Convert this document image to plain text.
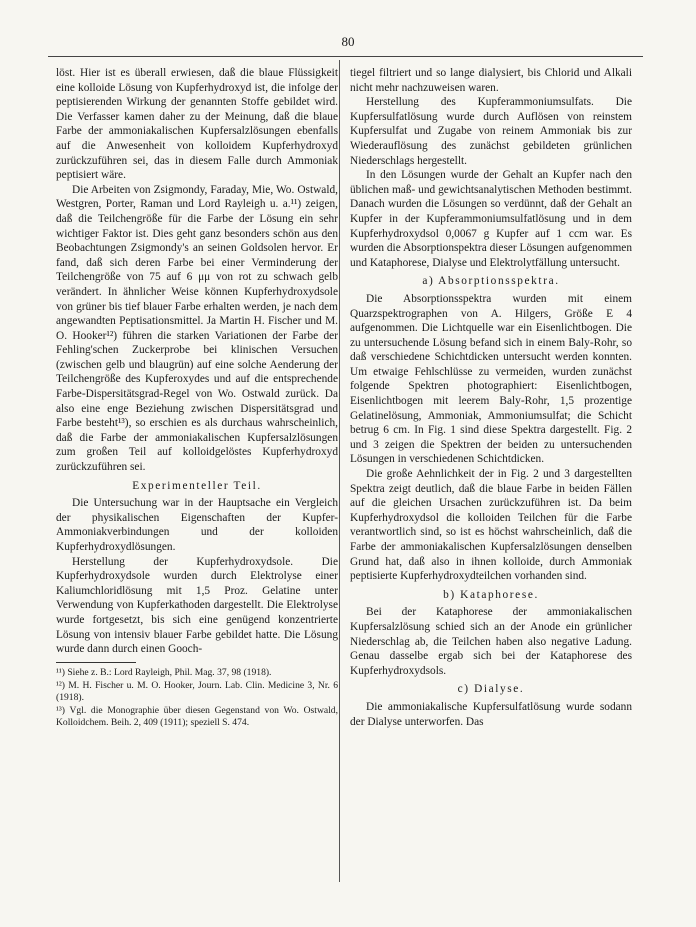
80

löst. Hier ist es überall erwiesen, daß die blaue Flüssigkeit eine kolloide Lösung von Kupferhydroxyd ist, die infolge der peptisierenden Wirkung der genannten Stoffe gebildet wird. Die Verfasser kamen daher zu der Meinung, daß die blaue Farbe der ammoniakalischen Kupfersalzlösungen ebenfalls auf die Anwesenheit von kolloidem Kupferhydroxyd zurückzuführen sei, das in diesem Falle durch Ammoniak peptisiert wäre.

Die Arbeiten von Zsigmondy, Faraday, Mie, Wo. Ostwald, Westgren, Porter, Raman und Lord Rayleigh u. a.¹¹) zeigen, daß die Teilchengröße für die Farbe der Lösung ein sehr wichtiger Faktor ist. Dies geht ganz besonders schön aus den Beobachtungen Zsigmondy's an seinen Goldsolen hervor. Er fand, daß sich deren Farbe bei einer Verminderung der Teilchengröße von 75 auf 6 μμ von rot zu schwach gelb verändert. In ähnlicher Weise können Kupferhydroxydsole von grüner bis tief blauer Farbe erhalten werden, je nach dem angewandten Peptisationsmittel. Ja Martin H. Fischer und M. O. Hooker¹²) führen die starken Variationen der Farbe der Fehling'schen Zuckerprobe bei klinischen Versuchen (zwischen gelb und blaugrün) auf eine solche Aenderung der Teilchengröße des Kupferoxydes und auf die entsprechende Farbe-Dispersitätsgrad-Regel von Wo. Ostwald zurück. Da also eine enge Beziehung zwischen Dispersitätsgrad und Farbe besteht¹³), so erschien es als durchaus wahrscheinlich, daß die Farbe der ammoniakalischen Kupfersalzlösungen zum großen Teil auf kolloidgelöstes Kupferhydroxyd zurückzuführen sei.

Experimenteller Teil.

Die Untersuchung war in der Hauptsache ein Vergleich der physikalischen Eigenschaften der Kupfer-Ammoniakverbindungen und der kolloiden Kupferhydroxydlösungen.

Herstellung der Kupferhydroxydsole. Die Kupferhydroxydsole wurden durch Elektrolyse einer Kaliumchloridlösung mit 1,5 Proz. Gelatine unter Verwendung von Kupferkathoden dargestellt. Die Elektrolyse wurde fortgesetzt, bis sich eine genügend konzentrierte Lösung von intensiv blauer Farbe gebildet hatte. Die Lösung wurde dann durch einen Gooch-

¹¹) Siehe z. B.: Lord Rayleigh, Phil. Mag. 37, 98 (1918).

¹²) M. H. Fischer u. M. O. Hooker, Journ. Lab. Clin. Medicine 3, Nr. 6 (1918).

¹³) Vgl. die Monographie über diesen Gegenstand von Wo. Ostwald, Kolloidchem. Beih. 2, 409 (1911); speziell S. 474.

tiegel filtriert und so lange dialysiert, bis Chlorid und Alkali nicht mehr nachzuweisen waren.

Herstellung des Kupferammoniumsulfats. Die Kupfersulfatlösung wurde durch Auflösen von reinstem Kupfersulfat und Zugabe von reinem Ammoniak bis zur Wiederauflösung des zunächst gebildeten grünlichen Niederschlags hergestellt.

In den Lösungen wurde der Gehalt an Kupfer nach den üblichen maß- und gewichtsanalytischen Methoden bestimmt. Danach wurden die Lösungen so verdünnt, daß der Gehalt an Kupfer in der Kupferammoniumsulfatlösung und in dem Kupferhydroxydsol 0,0067 g Kupfer auf 1 ccm war. Es wurden die Absorptionspektra dieser Lösungen aufgenommen und Kataphorese, Dialyse und Elektrolytfällung untersucht.

a) Absorptionsspektra.

Die Absorptionsspektra wurden mit einem Quarzspektrographen von A. Hilgers, Größe E 4 aufgenommen. Die Lichtquelle war ein Eisenlichtbogen. Die zu untersuchende Lösung befand sich in einem Baly-Rohr, so daß verschiedene Schichtdicken untersucht werden konnten. Um etwaige Fehlschlüsse zu vermeiden, wurden zunächst folgende Spektren photographiert: Eisenlichtbogen, Eisenlichtbogen mit leerem Baly-Rohr, 1,5 prozentige Gelatinelösung, Ammoniak, Ammoniumsulfat; die Schicht betrug 6 cm. In Fig. 1 sind diese Spektra dargestellt. Fig. 2 und 3 zeigen die Spektren der beiden zu untersuchenden Lösungen in verschiedenen Schichtdicken.

Die große Aehnlichkeit der in Fig. 2 und 3 dargestellten Spektra zeigt deutlich, daß die blaue Farbe in beiden Fällen auf die gleichen Ursachen zurückzuführen ist. Da beim Kupferhydroxydsol die kolloiden Teilchen für die Farbe verantwortlich sind, so ist es höchst wahrscheinlich, daß die Farbe der ammoniakalischen Kupfersalzlösungen denselben Grund hat, daß also in ihnen kolloide, durch Ammoniak peptisierte Kupferhydroxydteilchen vorhanden sind.

b) Kataphorese.

Bei der Kataphorese der ammoniakalischen Kupfersalzlösung schied sich an der Anode ein grünlicher Niederschlag ab, die Teilchen haben also negative Ladung. Genau dasselbe ergab sich bei der Kataphorese des Kupferhydroxydsols.

c) Dialyse.

Die ammoniakalische Kupfersulfatlösung wurde sodann der Dialyse unterworfen. Das
